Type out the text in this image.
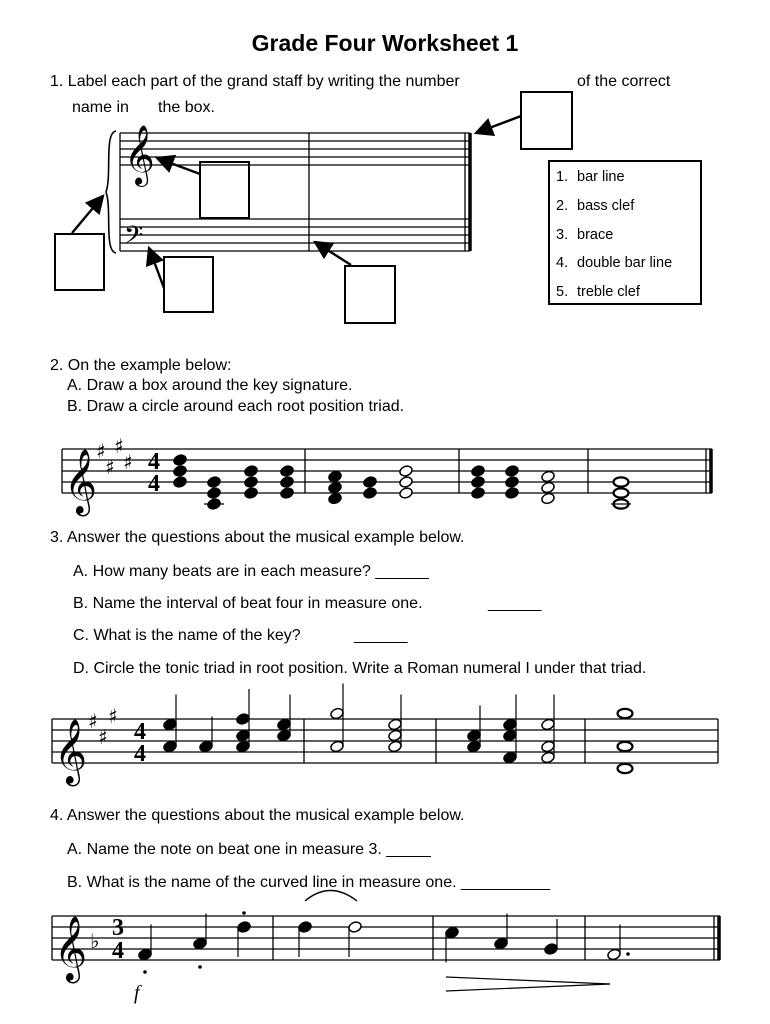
Grade Four Worksheet 1
1. Label each part of the grand staff by writing the number	of the correct
name in the box.
1. bar line
2. bass clef
3. brace
4. double bar line
5. treble clef
2. On the example below:
A. Draw a box around the key signature.
B. Draw a circle around each root position triad.
3. Answer the questions about the musical example below.
A. How many beats are in each measure? ______
B. Name the interval of beat four in measure one.	______
C. What is the name of the key?	______
D. Circle the tonic triad in root position. Write a Roman numeral I under that triad.
4. Answer the questions about the musical example below.
A. Name the note on beat one in measure 3. _____
B. What is the name of the curved line in measure one. __________
𝄞
𝄢
𝄞
♯
♯
♯
♯ 4
4
𝄞 ♯
♯
♯
4
4
𝄞 ♭ 3
4
f
